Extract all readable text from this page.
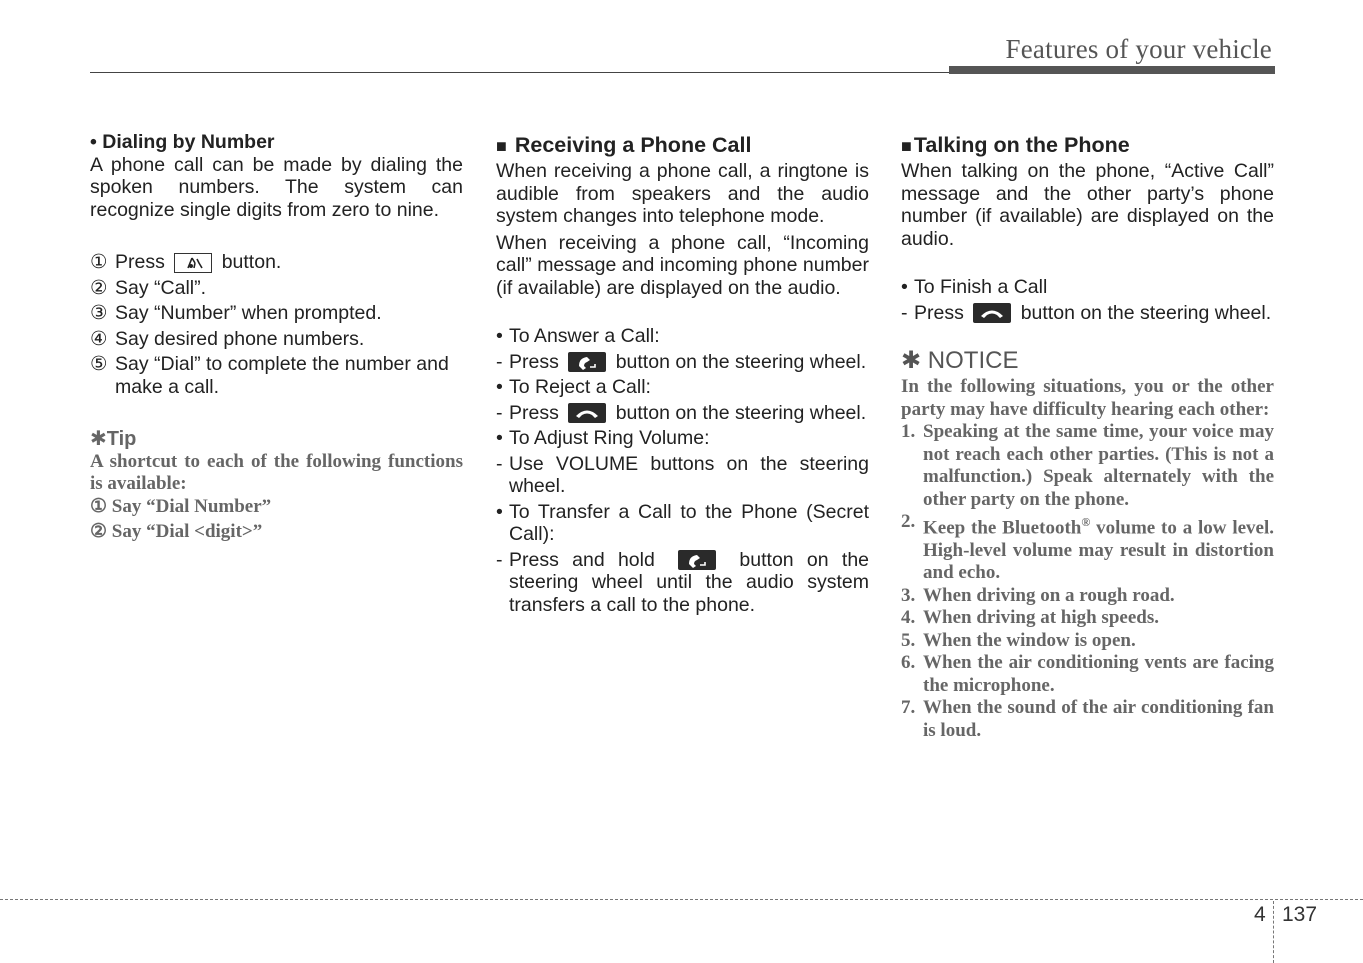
Features of your vehicle

• Dialing by Number

A phone call can be made by dialing the spoken numbers. The system can recognize single digits from zero to nine.

① Press	button.
② Say “Call”.
③ Say “Number” when prompted.
④ Say desired phone numbers.
⑤ Say “Dial” to complete the number and make a call.

✱Tip

A shortcut to each of the following functions is available:

① Say “Dial Number”

② Say “Dial <digit>”

■ Receiving a Phone Call

When receiving a phone call, a ringtone is audible from speakers and the audio system changes into telephone mode.

When receiving a phone call, “Incoming call” message and incoming phone number (if available) are displayed on the audio.

• To Answer a Call:
- Press	button on the steering wheel.
• To Reject a Call:
- Press	button on the steering wheel.
• To Adjust Ring Volume:
- Use VOLUME buttons on the steering wheel.
• To Transfer a Call to the Phone (Secret Call):
- Press and hold	button on the steering wheel until the audio system transfers a call to the phone.

■Talking on the Phone

When talking on the phone, “Active Call” message and the other party’s phone number (if available) are displayed on the audio.

• To Finish a Call
- Press	button on the steering wheel.

✱ NOTICE

In the following situations, you or the other party may have difficulty hearing each other:

1. Speaking at the same time, your voice may not reach each other parties. (This is not a malfunction.) Speak alternately with the other party on the phone.
2. Keep the Bluetooth® volume to a low level. High-level volume may result in distortion and echo.
3. When driving on a rough road.
4. When driving at high speeds.
5. When the window is open.
6. When the air conditioning vents are facing the microphone.
7. When the sound of the air conditioning fan is loud.
4 137
